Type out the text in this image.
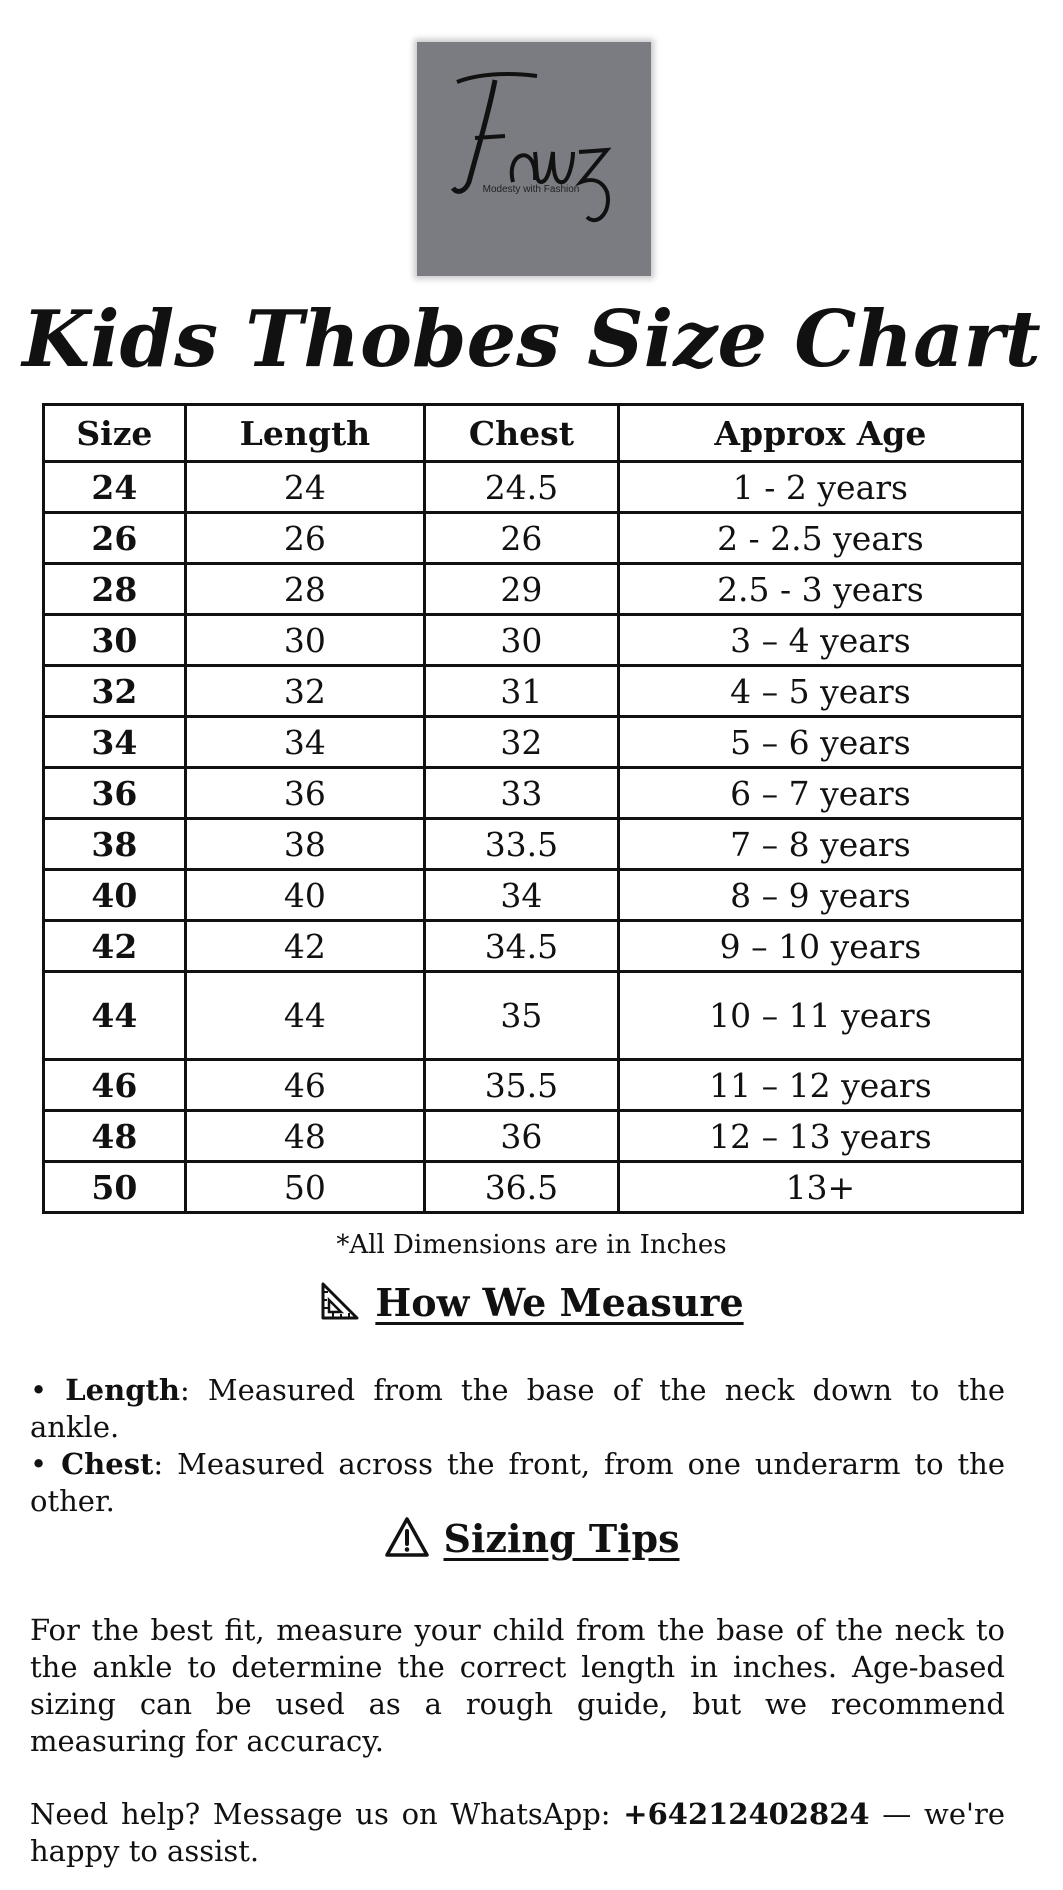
Modesty with Fashion
Kids Thobes Size Chart
Size	Length	Chest	Approx Age
24	24	24.5	1 - 2 years
26	26	26	2 - 2.5 years
28	28	29	2.5 - 3 years
30	30	30	3 – 4 years
32	32	31	4 – 5 years
34	34	32	5 – 6 years
36	36	33	6 – 7 years
38	38	33.5	7 – 8 years
40	40	34	8 – 9 years
42	42	34.5	9 – 10 years
44	44	35	10 – 11 years
46	46	35.5	11 – 12 years
48	48	36	12 – 13 years
50	50	36.5	13+
*All Dimensions are in Inches
How We Measure
• Length: Measured from the base of the neck down to the ankle.
• Chest: Measured across the front, from one underarm to the other.
Sizing Tips
For the best fit, measure your child from the base of the neck to the ankle to determine the correct length in inches. Age-based sizing can be used as a rough guide, but we recommend measuring for accuracy.
Need help? Message us on WhatsApp: +64212402824 — we're happy to assist.
